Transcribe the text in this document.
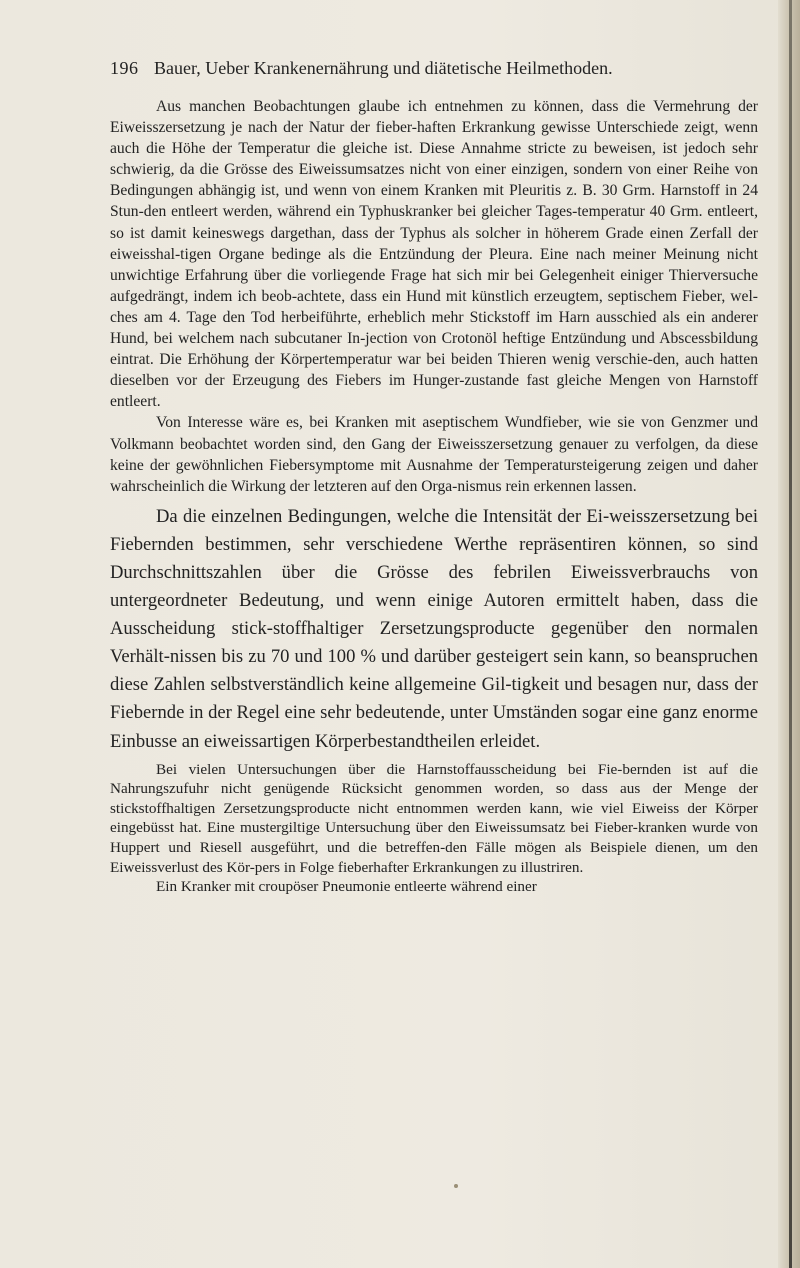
196 Bauer, Ueber Krankenernährung und diätetische Heilmethoden.

Aus manchen Beobachtungen glaube ich entnehmen zu können, dass die Vermehrung der Eiweisszersetzung je nach der Natur der fieber-haften Erkrankung gewisse Unterschiede zeigt, wenn auch die Höhe der Temperatur die gleiche ist. Diese Annahme stricte zu beweisen, ist jedoch sehr schwierig, da die Grösse des Eiweissumsatzes nicht von einer einzigen, sondern von einer Reihe von Bedingungen abhängig ist, und wenn von einem Kranken mit Pleuritis z. B. 30 Grm. Harnstoff in 24 Stun-den entleert werden, während ein Typhuskranker bei gleicher Tages-temperatur 40 Grm. entleert, so ist damit keineswegs dargethan, dass der Typhus als solcher in höherem Grade einen Zerfall der eiweisshal-tigen Organe bedinge als die Entzündung der Pleura. Eine nach meiner Meinung nicht unwichtige Erfahrung über die vorliegende Frage hat sich mir bei Gelegenheit einiger Thierversuche aufgedrängt, indem ich beob-achtete, dass ein Hund mit künstlich erzeugtem, septischem Fieber, wel-ches am 4. Tage den Tod herbeiführte, erheblich mehr Stickstoff im Harn ausschied als ein anderer Hund, bei welchem nach subcutaner In-jection von Crotonöl heftige Entzündung und Abscessbildung eintrat. Die Erhöhung der Körpertemperatur war bei beiden Thieren wenig verschie-den, auch hatten dieselben vor der Erzeugung des Fiebers im Hunger-zustande fast gleiche Mengen von Harnstoff entleert.

Von Interesse wäre es, bei Kranken mit aseptischem Wundfieber, wie sie von Genzmer und Volkmann beobachtet worden sind, den Gang der Eiweisszersetzung genauer zu verfolgen, da diese keine der gewöhnlichen Fiebersymptome mit Ausnahme der Temperatursteigerung zeigen und daher wahrscheinlich die Wirkung der letzteren auf den Orga-nismus rein erkennen lassen.

Da die einzelnen Bedingungen, welche die Intensität der Ei-weisszersetzung bei Fiebernden bestimmen, sehr verschiedene Werthe repräsentiren können, so sind Durchschnittszahlen über die Grösse des febrilen Eiweissverbrauchs von untergeordneter Bedeutung, und wenn einige Autoren ermittelt haben, dass die Ausscheidung stick-stoffhaltiger Zersetzungsproducte gegenüber den normalen Verhält-nissen bis zu 70 und 100 % und darüber gesteigert sein kann, so beanspruchen diese Zahlen selbstverständlich keine allgemeine Gil-tigkeit und besagen nur, dass der Fiebernde in der Regel eine sehr bedeutende, unter Umständen sogar eine ganz enorme Einbusse an eiweissartigen Körperbestandtheilen erleidet.

Bei vielen Untersuchungen über die Harnstoffausscheidung bei Fie-bernden ist auf die Nahrungszufuhr nicht genügende Rücksicht genommen worden, so dass aus der Menge der stickstoffhaltigen Zersetzungsproducte nicht entnommen werden kann, wie viel Eiweiss der Körper eingebüsst hat. Eine mustergiltige Untersuchung über den Eiweissumsatz bei Fieber-kranken wurde von Huppert und Riesell ausgeführt, und die betreffen-den Fälle mögen als Beispiele dienen, um den Eiweissverlust des Kör-pers in Folge fieberhafter Erkrankungen zu illustriren.

Ein Kranker mit croupöser Pneumonie entleerte während einer
